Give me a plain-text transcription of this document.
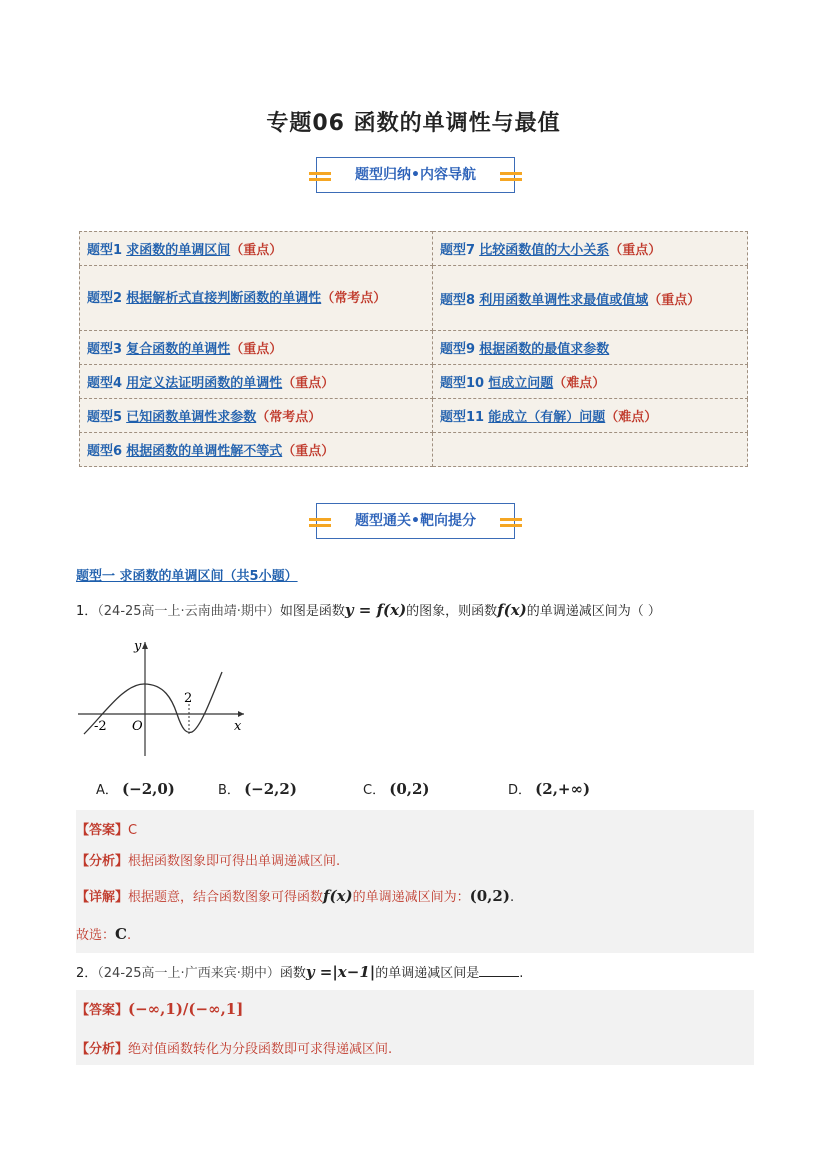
专题06 函数的单调性与最值
题型归纳•内容导航
题型1 求函数的单调区间（重点）	题型7 比较函数值的大小关系（重点）
题型2 根据解析式直接判断函数的单调性（常考点）	题型8 利用函数单调性求最值或值域（重点）
题型3 复合函数的单调性（重点）	题型9 根据函数的最值求参数
题型4 用定义法证明函数的单调性（重点）	题型10 恒成立问题（难点）
题型5 已知函数单调性求参数（常考点）	题型11 能成立（有解）问题（难点）
题型6 根据函数的单调性解不等式（重点）	
题型通关•靶向提分
题型一 求函数的单调区间（共5小题）
1．（24-25高一上·云南曲靖·期中）如图是函数y = f(x)的图象，则函数f(x)的单调递减区间为（ ）
y
x
O
-2
2
A． (−2,0)	B． (−2,2)	C． (0,2)	D． (2,+∞)
【答案】C
【分析】根据函数图象即可得出单调递减区间.
【详解】根据题意，结合函数图象可得函数f(x)的单调递减区间为：(0,2).
故选：C.
2．（24-25高一上·广西来宾·期中）函数y =|x−1|的单调递减区间是	.
【答案】(−∞,1)/(−∞,1]
【分析】绝对值函数转化为分段函数即可求得递减区间.
